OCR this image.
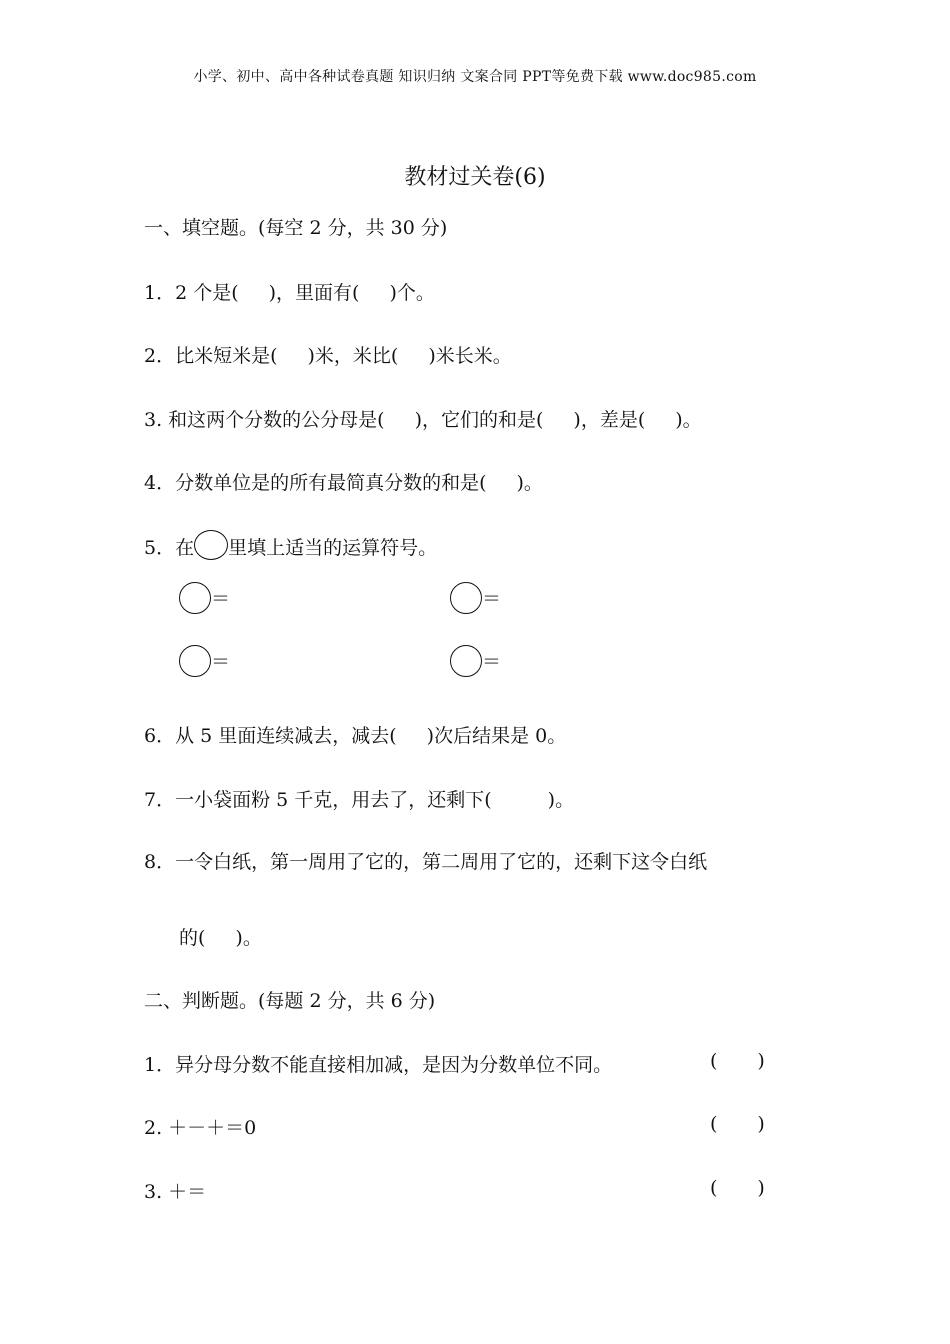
小学、初中、高中各种试卷真题 知识归纳 文案合同 PPT等免费下载 www.doc985.com
教材过关卷(6)
一、填空题。(每空 2 分，共 30 分)
1．2 个是( )，里面有( )个。
2．比米短米是( )米，米比( )米长米。
3. 和这两个分数的公分母是( )，它们的和是( )，差是( )。
4．分数单位是的所有最简真分数的和是( )。
5．在 里填上适当的运算符号。
＝	＝
＝	＝
6．从 5 里面连续减去，减去( )次后结果是 0。
7．一小袋面粉 5 千克，用去了，还剩下(	)。
8．一令白纸，第一周用了它的，第二周用了它的，还剩下这令白纸
的( )。
二、判断题。(每题 2 分，共 6 分)
1．异分母分数不能直接相加减，是因为分数单位不同。	( )
2. ＋－＋＝0	( )
3. ＋＝	( )
